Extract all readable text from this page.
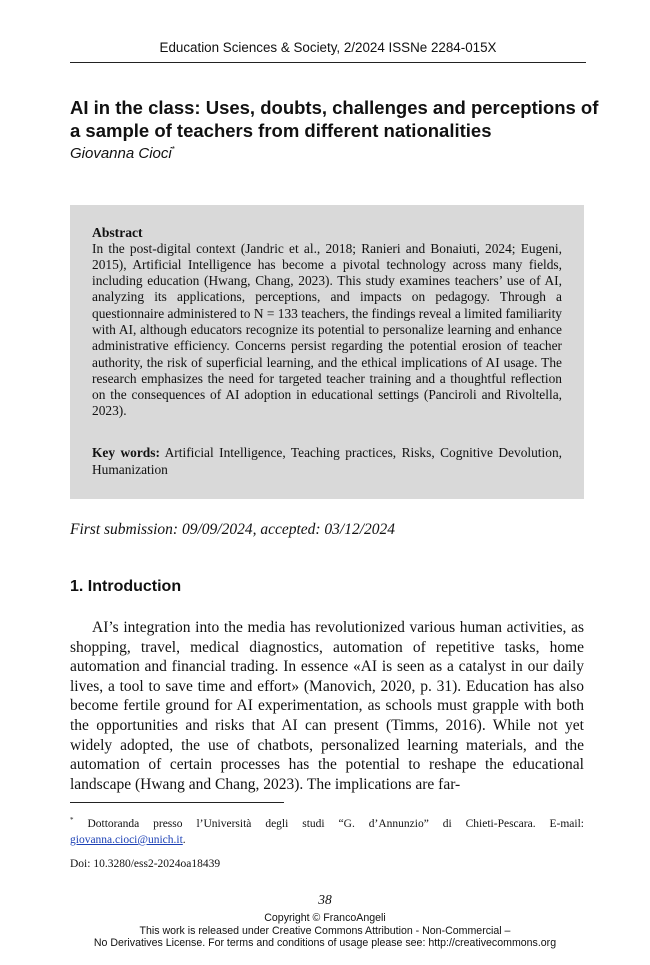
Education Sciences & Society, 2/2024 ISSNe 2284-015X
AI in the class: Uses, doubts, challenges and perceptions of a sample of teachers from different nationalities
Giovanna Cioci*
Abstract
In the post-digital context (Jandric et al., 2018; Ranieri and Bonaiuti, 2024; Eugeni, 2015), Artificial Intelligence has become a pivotal technology across many fields, including education (Hwang, Chang, 2023). This study examines teachers’ use of AI, analyzing its applications, perceptions, and impacts on pedagogy. Through a questionnaire administered to N = 133 teachers, the findings reveal a limited familiarity with AI, although educators recognize its potential to personalize learning and enhance administrative efficiency. Concerns persist regarding the potential erosion of teacher authority, the risk of superficial learning, and the ethical implications of AI usage. The research emphasizes the need for targeted teacher training and a thoughtful reflection on the consequences of AI adoption in educational settings (Panciroli and Rivoltella, 2023).
Key words: Artificial Intelligence, Teaching practices, Risks, Cognitive Devolution, Humanization
First submission: 09/09/2024, accepted: 03/12/2024
1. Introduction
AI’s integration into the media has revolutionized various human activities, as shopping, travel, medical diagnostics, automation of repetitive tasks, home automation and financial trading. In essence «AI is seen as a catalyst in our daily lives, a tool to save time and effort» (Manovich, 2020, p. 31). Education has also become fertile ground for AI experimentation, as schools must grapple with both the opportunities and risks that AI can present (Timms, 2016). While not yet widely adopted, the use of chatbots, personalized learning materials, and the automation of certain processes has the potential to reshape the educational landscape (Hwang and Chang, 2023). The implications are far-
* Dottoranda presso l’Università degli studi “G. d’Annunzio” di Chieti-Pescara. E-mail: giovanna.cioci@unich.it.
Doi: 10.3280/ess2-2024oa18439
38
Copyright © FrancoAngeli
This work is released under Creative Commons Attribution - Non-Commercial –
No Derivatives License. For terms and conditions of usage please see: http://creativecommons.org
